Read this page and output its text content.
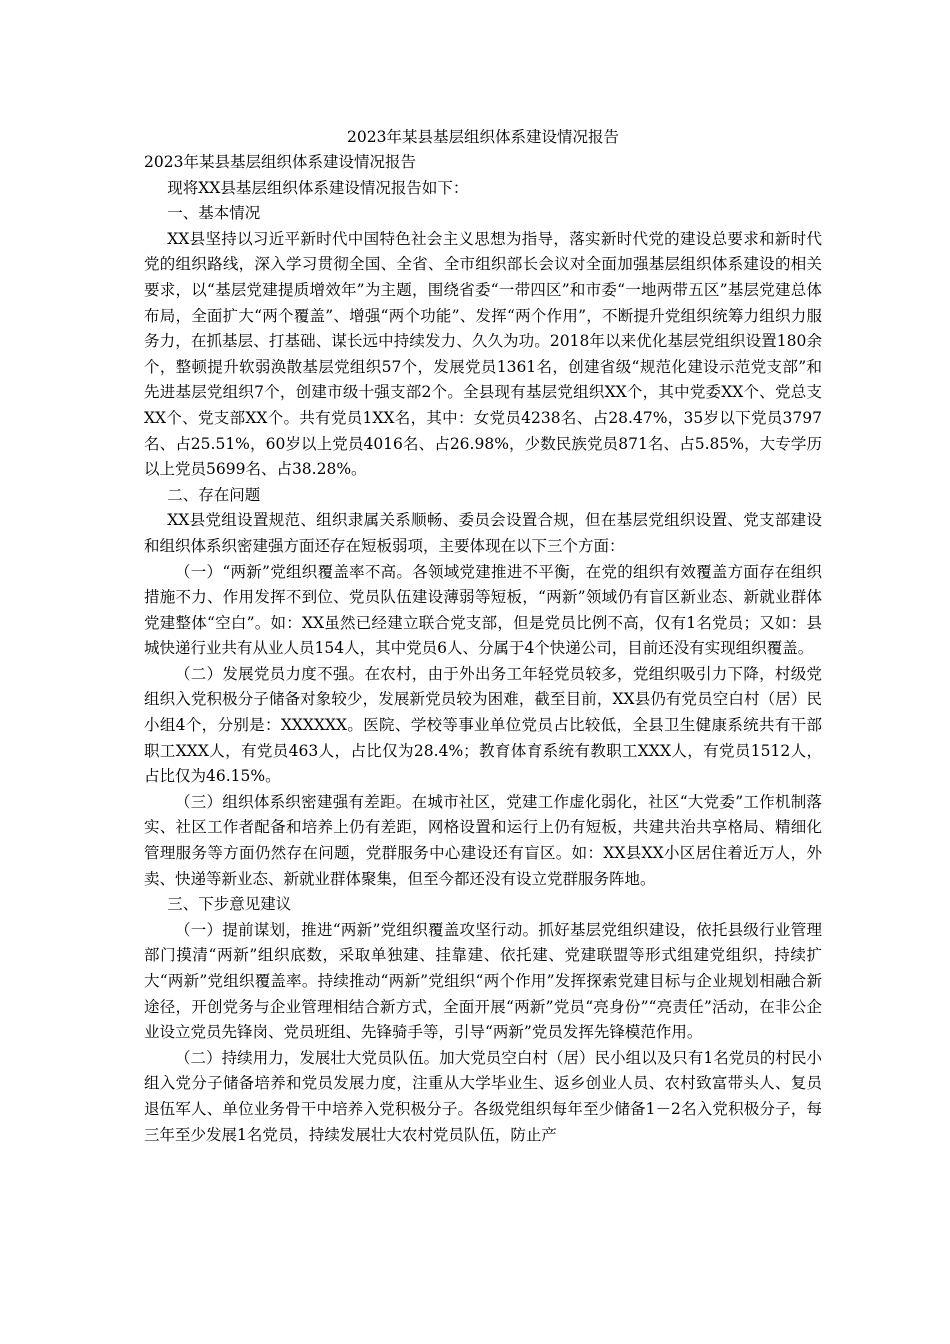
2023年某县基层组织体系建设情况报告

2023年某县基层组织体系建设情况报告

现将XX县基层组织体系建设情况报告如下：

一、基本情况

XX县坚持以习近平新时代中国特色社会主义思想为指导，落实新时代党的建设总要求和新时代党的组织路线，深入学习贯彻全国、全省、全市组织部长会议对全面加强基层组织体系建设的相关要求，以“基层党建提质增效年”为主题，围绕省委“一带四区”和市委“一地两带五区”基层党建总体布局，全面扩大“两个覆盖”、增强“两个功能”、发挥“两个作用”，不断提升党组织统筹力组织力服务力，在抓基层、打基础、谋长远中持续发力、久久为功。2018年以来优化基层党组织设置180余个，整顿提升软弱涣散基层党组织57个，发展党员1361名，创建省级“规范化建设示范党支部”和先进基层党组织7个，创建市级十强支部2个。全县现有基层党组织XX个，其中党委XX个、党总支XX个、党支部XX个。共有党员1XX名，其中：女党员4238名、占28.47%，35岁以下党员3797名、占25.51%，60岁以上党员4016名、占26.98%，少数民族党员871名、占5.85%，大专学历以上党员5699名、占38.28%。

二、存在问题

XX县党组设置规范、组织隶属关系顺畅、委员会设置合规，但在基层党组织设置、党支部建设和组织体系织密建强方面还存在短板弱项，主要体现在以下三个方面：

（一）“两新”党组织覆盖率不高。各领域党建推进不平衡，在党的组织有效覆盖方面存在组织措施不力、作用发挥不到位、党员队伍建设薄弱等短板，“两新”领域仍有盲区新业态、新就业群体党建整体“空白”。如：XX虽然已经建立联合党支部，但是党员比例不高，仅有1名党员；又如：县城快递行业共有从业人员154人，其中党员6人、分属于4个快递公司，目前还没有实现组织覆盖。

（二）发展党员力度不强。在农村，由于外出务工年轻党员较多，党组织吸引力下降，村级党组织入党积极分子储备对象较少，发展新党员较为困难，截至目前，XX县仍有党员空白村（居）民小组4个，分别是：XXXXXX。医院、学校等事业单位党员占比较低，全县卫生健康系统共有干部职工XXX人，有党员463人，占比仅为28.4%；教育体育系统有教职工XXX人，有党员1512人，占比仅为46.15%。

（三）组织体系织密建强有差距。在城市社区，党建工作虚化弱化，社区“大党委”工作机制落实、社区工作者配备和培养上仍有差距，网格设置和运行上仍有短板，共建共治共享格局、精细化管理服务等方面仍然存在问题，党群服务中心建设还有盲区。如：XX县XX小区居住着近万人，外卖、快递等新业态、新就业群体聚集，但至今都还没有设立党群服务阵地。

三、下步意见建议

（一）提前谋划，推进“两新”党组织覆盖攻坚行动。抓好基层党组织建设，依托县级行业管理部门摸清“两新”组织底数，采取单独建、挂靠建、依托建、党建联盟等形式组建党组织，持续扩大“两新”党组织覆盖率。持续推动“两新”党组织“两个作用”发挥探索党建目标与企业规划相融合新途径，开创党务与企业管理相结合新方式，全面开展“两新”党员“亮身份”“亮责任”活动，在非公企业设立党员先锋岗、党员班组、先锋骑手等，引导“两新”党员发挥先锋模范作用。

（二）持续用力，发展壮大党员队伍。加大党员空白村（居）民小组以及只有1名党员的村民小组入党分子储备培养和党员发展力度，注重从大学毕业生、返乡创业人员、农村致富带头人、复员退伍军人、单位业务骨干中培养入党积极分子。各级党组织每年至少储备1－2名入党积极分子，每三年至少发展1名党员，持续发展壮大农村党员队伍，防止产
